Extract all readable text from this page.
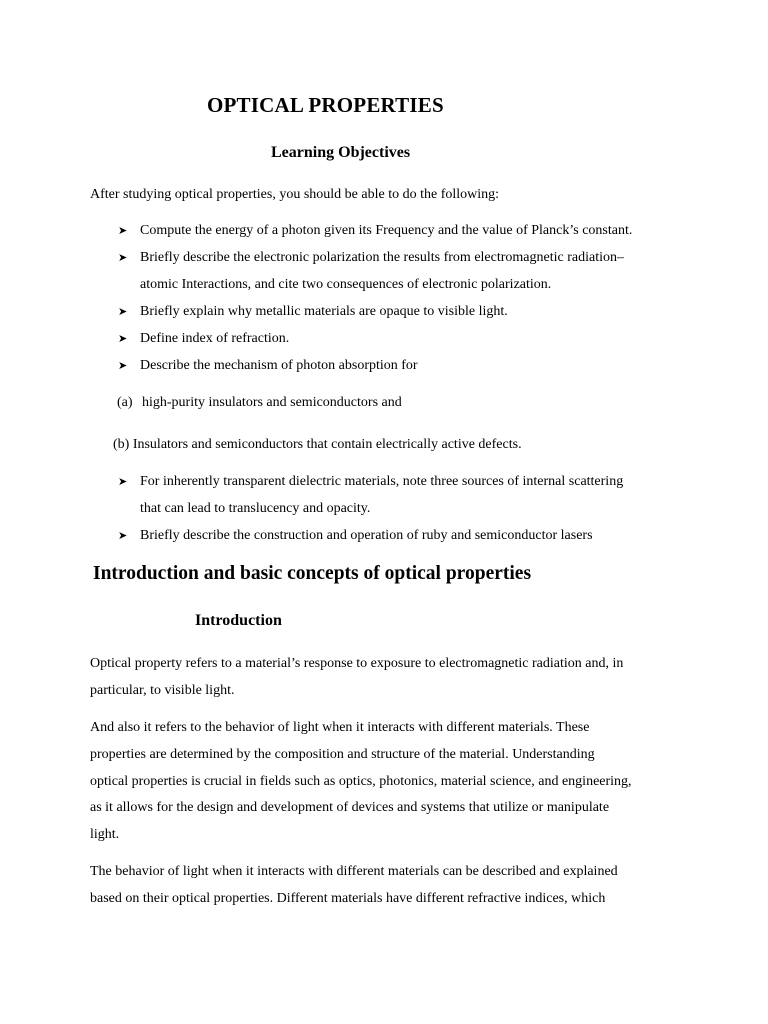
OPTICAL PROPERTIES
Learning Objectives
After studying optical properties, you should be able to do the following:
➤ Compute the energy of a photon given its Frequency and the value of Planck’s constant.
➤ Briefly describe the electronic polarization the results from electromagnetic radiation–
atomic Interactions, and cite two consequences of electronic polarization.
➤ Briefly explain why metallic materials are opaque to visible light.
➤ Define index of refraction.
➤ Describe the mechanism of photon absorption for
(a) high-purity insulators and semiconductors and
(b) Insulators and semiconductors that contain electrically active defects.
➤ For inherently transparent dielectric materials, note three sources of internal scattering
that can lead to translucency and opacity.
➤ Briefly describe the construction and operation of ruby and semiconductor lasers
Introduction and basic concepts of optical properties
Introduction
Optical property refers to a material’s response to exposure to electromagnetic radiation and, in
particular, to visible light.
And also it refers to the behavior of light when it interacts with different materials. These
properties are determined by the composition and structure of the material. Understanding
optical properties is crucial in fields such as optics, photonics, material science, and engineering,
as it allows for the design and development of devices and systems that utilize or manipulate
light.
The behavior of light when it interacts with different materials can be described and explained
based on their optical properties. Different materials have different refractive indices, which
